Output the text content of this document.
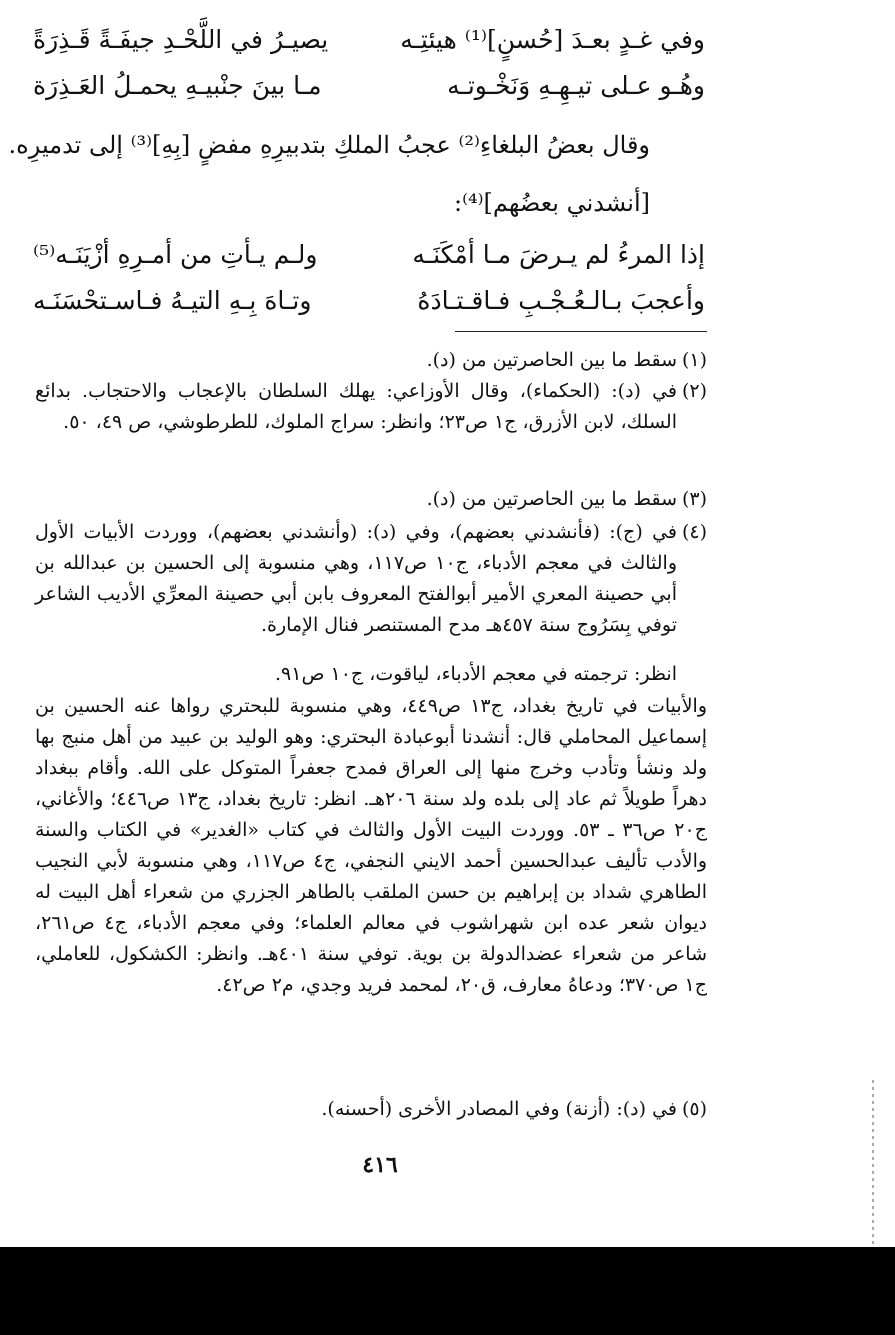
وفي غـدٍ بعـدَ [حُسنٍ]⁽¹⁾ هيئتِـه
يصيـرُ في اللَّحْـدِ جيفَـةً قَـذِرَةً
وهُـو عـلى تيـهِـهِ وَنَخْـوتـه
مـا بينَ جنْبيـهِ يحمـلُ العَـذِرَة
وقال بعضُ البلغاءِ⁽²⁾ عجبُ الملكِ بتدبيرِهِ مفضٍ [بِهِ]⁽³⁾ إلى تدميرِه.
[أنشدني بعضُهم]⁽⁴⁾:
إذا المرءُ لم يـرضَ مـا أمْكَنَـه
ولـم يـأتِ من أمـرِهِ أزْيَنَـه⁽⁵⁾
وأعجبَ بـالـعُـجْـبِ فـاقـتـادَهُ
وتـاهَ بِـهِ التيـهُ فـاسـتحْسَنَـه
(١)
سقط ما بين الحاصرتين من (د).
(٢)
في (د): (الحكماء)، وقال الأوزاعي: يهلك السلطان بالإعجاب والاحتجاب. بدائع السلك، لابن الأزرق، ج١ ص٢٣؛ وانظر: سراج الملوك، للطرطوشي، ص ٤٩، ٥٠.
(٣)
سقط ما بين الحاصرتين من (د).
(٤)
في (ج): (فأنشدني بعضهم)، وفي (د): (وأنشدني بعضهم)، ووردت الأبيات الأول والثالث في معجم الأدباء، ج١٠ ص١١٧، وهي منسوبة إلى الحسين بن عبدالله بن أبي حصينة المعري الأمير أبوالفتح المعروف بابن أبي حصينة المعرِّي الأديب الشاعر توفي بِسَرُوج سنة ٤٥٧هـ مدح المستنصر فنال الإمارة.
انظر: ترجمته في معجم الأدباء، لياقوت، ج١٠ ص٩١.
والأبيات في تاريخ بغداد، ج١٣ ص٤٤٩، وهي منسوبة للبحتري رواها عنه الحسين بن إسماعيل المحاملي قال: أنشدنا أبوعبادة البحتري: وهو الوليد بن عبيد من أهل منبج بها ولد ونشأ وتأدب وخرج منها إلى العراق فمدح جعفراً المتوكل على الله. وأقام ببغداد دهراً طويلاً ثم عاد إلى بلده ولد سنة ٢٠٦هـ. انظر: تاريخ بغداد، ج١٣ ص٤٤٦؛ والأغاني، ج٢٠ ص٣٦ ـ ٥٣. ووردت البيت الأول والثالث في كتاب «الغدير» في الكتاب والسنة والأدب تأليف عبدالحسين أحمد الايني النجفي، ج٤ ص١١٧، وهي منسوبة لأبي النجيب الطاهري شداد بن إبراهيم بن حسن الملقب بالطاهر الجزري من شعراء أهل البيت له ديوان شعر عده ابن شهراشوب في معالم العلماء؛ وفي معجم الأدباء، ج٤ ص٢٦١، شاعر من شعراء عضدالدولة بن بوية. توفي سنة ٤٠١هـ. وانظر: الكشكول، للعاملي، ج١ ص٣٧٠؛ ودعاهُ معارف، ق٢٠، لمحمد فريد وجدي، م٢ ص٤٢.
(٥)
في (د): (أزنة) وفي المصادر الأخرى (أحسنه).
٤١٦
